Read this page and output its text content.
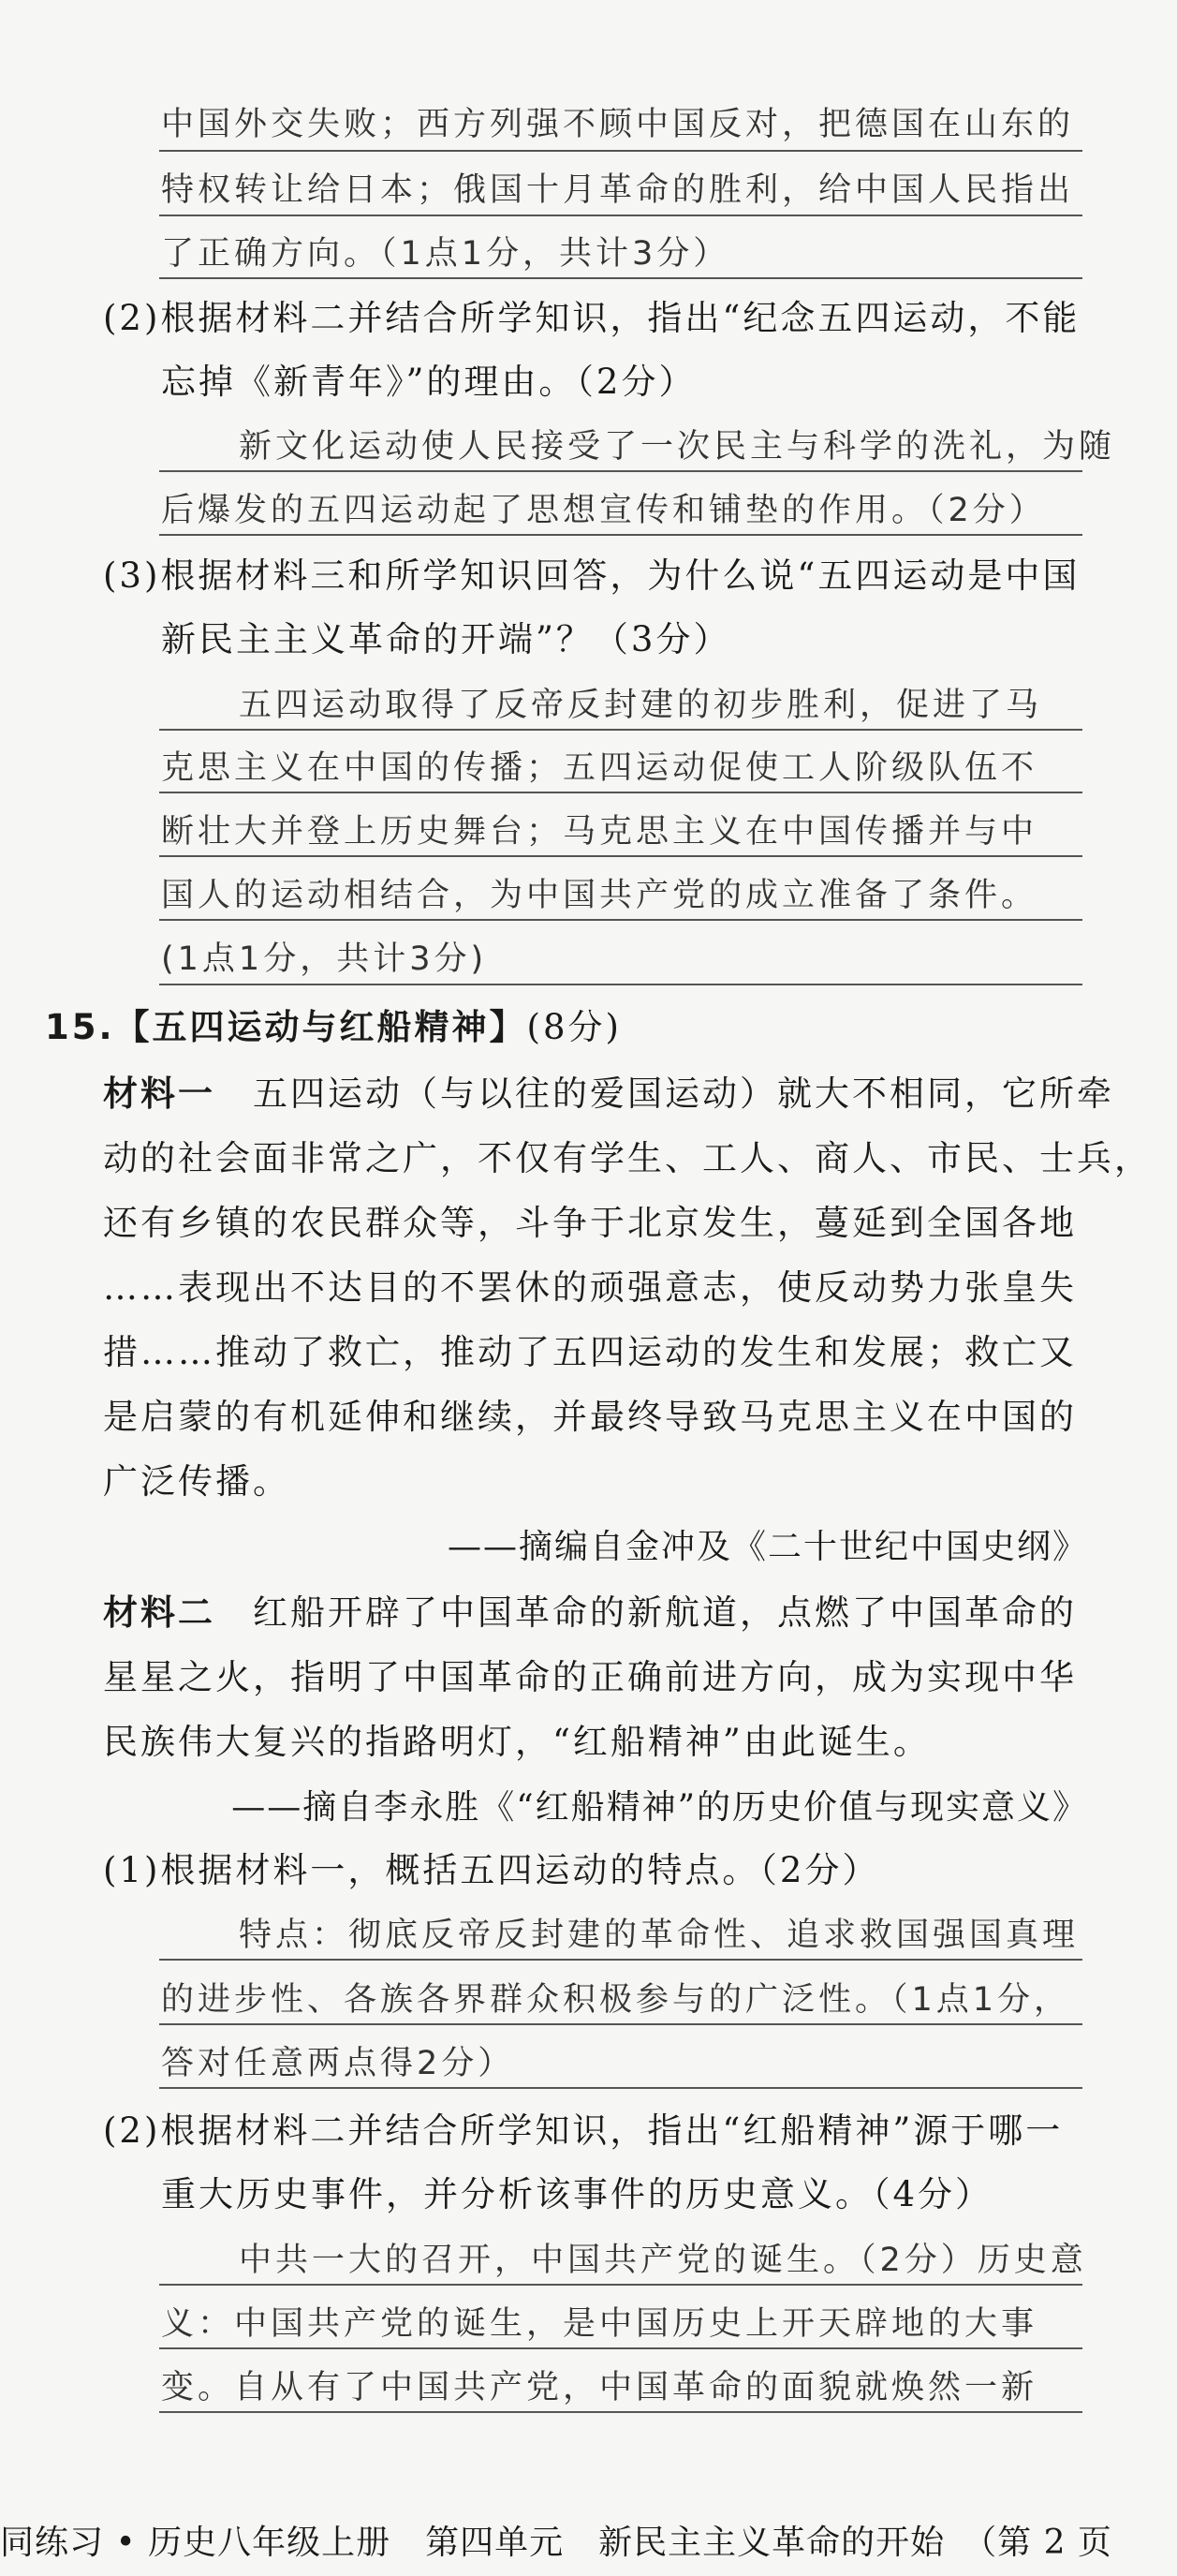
中国外交失败；西方列强不顾中国反对，把德国在山东的
特权转让给日本；俄国十月革命的胜利，给中国人民指出
了正确方向。（1点1分，共计3分）
(2)根据材料二并结合所学知识，指出“纪念五四运动，不能
忘掉《新青年》”的理由。（2分）
新文化运动使人民接受了一次民主与科学的洗礼，为随
后爆发的五四运动起了思想宣传和铺垫的作用。（2分）
(3)根据材料三和所学知识回答，为什么说“五四运动是中国
新民主主义革命的开端”？（3分）
五四运动取得了反帝反封建的初步胜利，促进了马
克思主义在中国的传播；五四运动促使工人阶级队伍不
断壮大并登上历史舞台；马克思主义在中国传播并与中
国人的运动相结合，为中国共产党的成立准备了条件。
(1点1分，共计3分)
15.【五四运动与红船精神】(8分)
材料一 五四运动（与以往的爱国运动）就大不相同，它所牵
动的社会面非常之广，不仅有学生、工人、商人、市民、士兵，
还有乡镇的农民群众等，斗争于北京发生，蔓延到全国各地
……表现出不达目的不罢休的顽强意志，使反动势力张皇失
措……推动了救亡，推动了五四运动的发生和发展；救亡又
是启蒙的有机延伸和继续，并最终导致马克思主义在中国的
广泛传播。
——摘编自金冲及《二十世纪中国史纲》
材料二 红船开辟了中国革命的新航道，点燃了中国革命的
星星之火，指明了中国革命的正确前进方向，成为实现中华
民族伟大复兴的指路明灯，“红船精神”由此诞生。
——摘自李永胜《“红船精神”的历史价值与现实意义》
(1)根据材料一，概括五四运动的特点。（2分）
特点：彻底反帝反封建的革命性、追求救国强国真理
的进步性、各族各界群众积极参与的广泛性。（1点1分，
答对任意两点得2分）
(2)根据材料二并结合所学知识，指出“红船精神”源于哪一
重大历史事件，并分析该事件的历史意义。（4分）
中共一大的召开，中国共产党的诞生。（2分）历史意
义：中国共产党的诞生，是中国历史上开天辟地的大事
变。自从有了中国共产党，中国革命的面貌就焕然一新
同练习 • 历史八年级上册　第四单元　新民主主义革命的开始　（第 2 页
